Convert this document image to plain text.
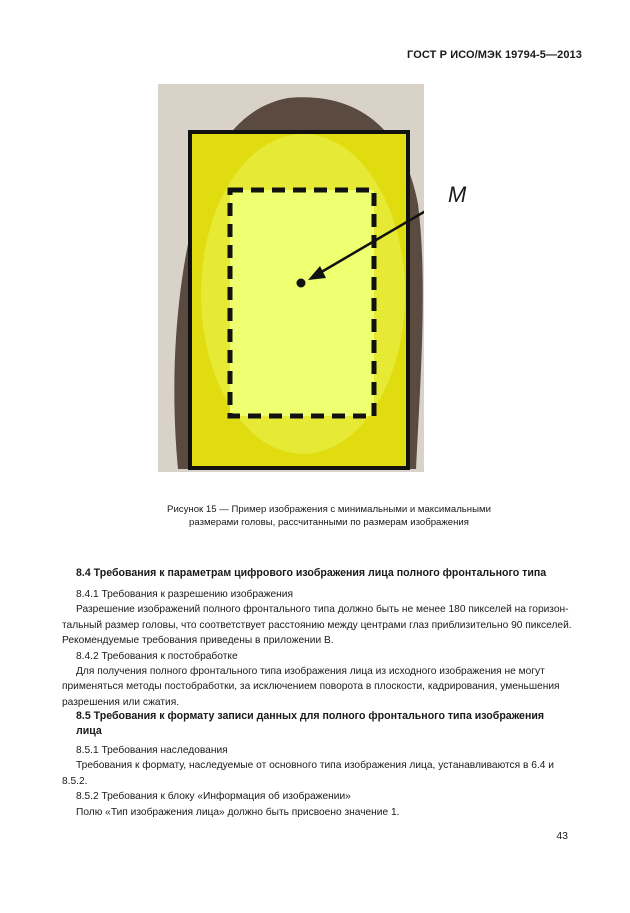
ГОСТ Р ИСО/МЭК 19794-5—2013
M

Рисунок 15 — Пример изображения с минимальными и максимальными

размерами головы, рассчитанными по размерам изображения

8.4 Требования к параметрам цифрового изображения лица полного фронтального типа

8.4.1 Требования к разрешению изображения

Разрешение изображений полного фронтального типа должно быть не менее 180 пикселей на горизон-

тальный размер головы, что соответствует расстоянию между центрами глаз приблизительно 90 пикселей.

Рекомендуемые требования приведены в приложении В.

8.4.2 Требования к постобработке

Для получения полного фронтального типа изображения лица из исходного изображения не могут

применяться методы постобработки, за исключением поворота в плоскости, кадрирования, уменьшения

разрешения или сжатия.

8.5 Требования к формату записи данных для полного фронтального типа изображения

лица

8.5.1 Требования наследования

Требования к формату, наследуемые от основного типа изображения лица, устанавливаются в 6.4 и

8.5.2.

8.5.2 Требования к блоку «Информация об изображении»

Полю «Тип изображения лица» должно быть присвоено значение 1.

43
